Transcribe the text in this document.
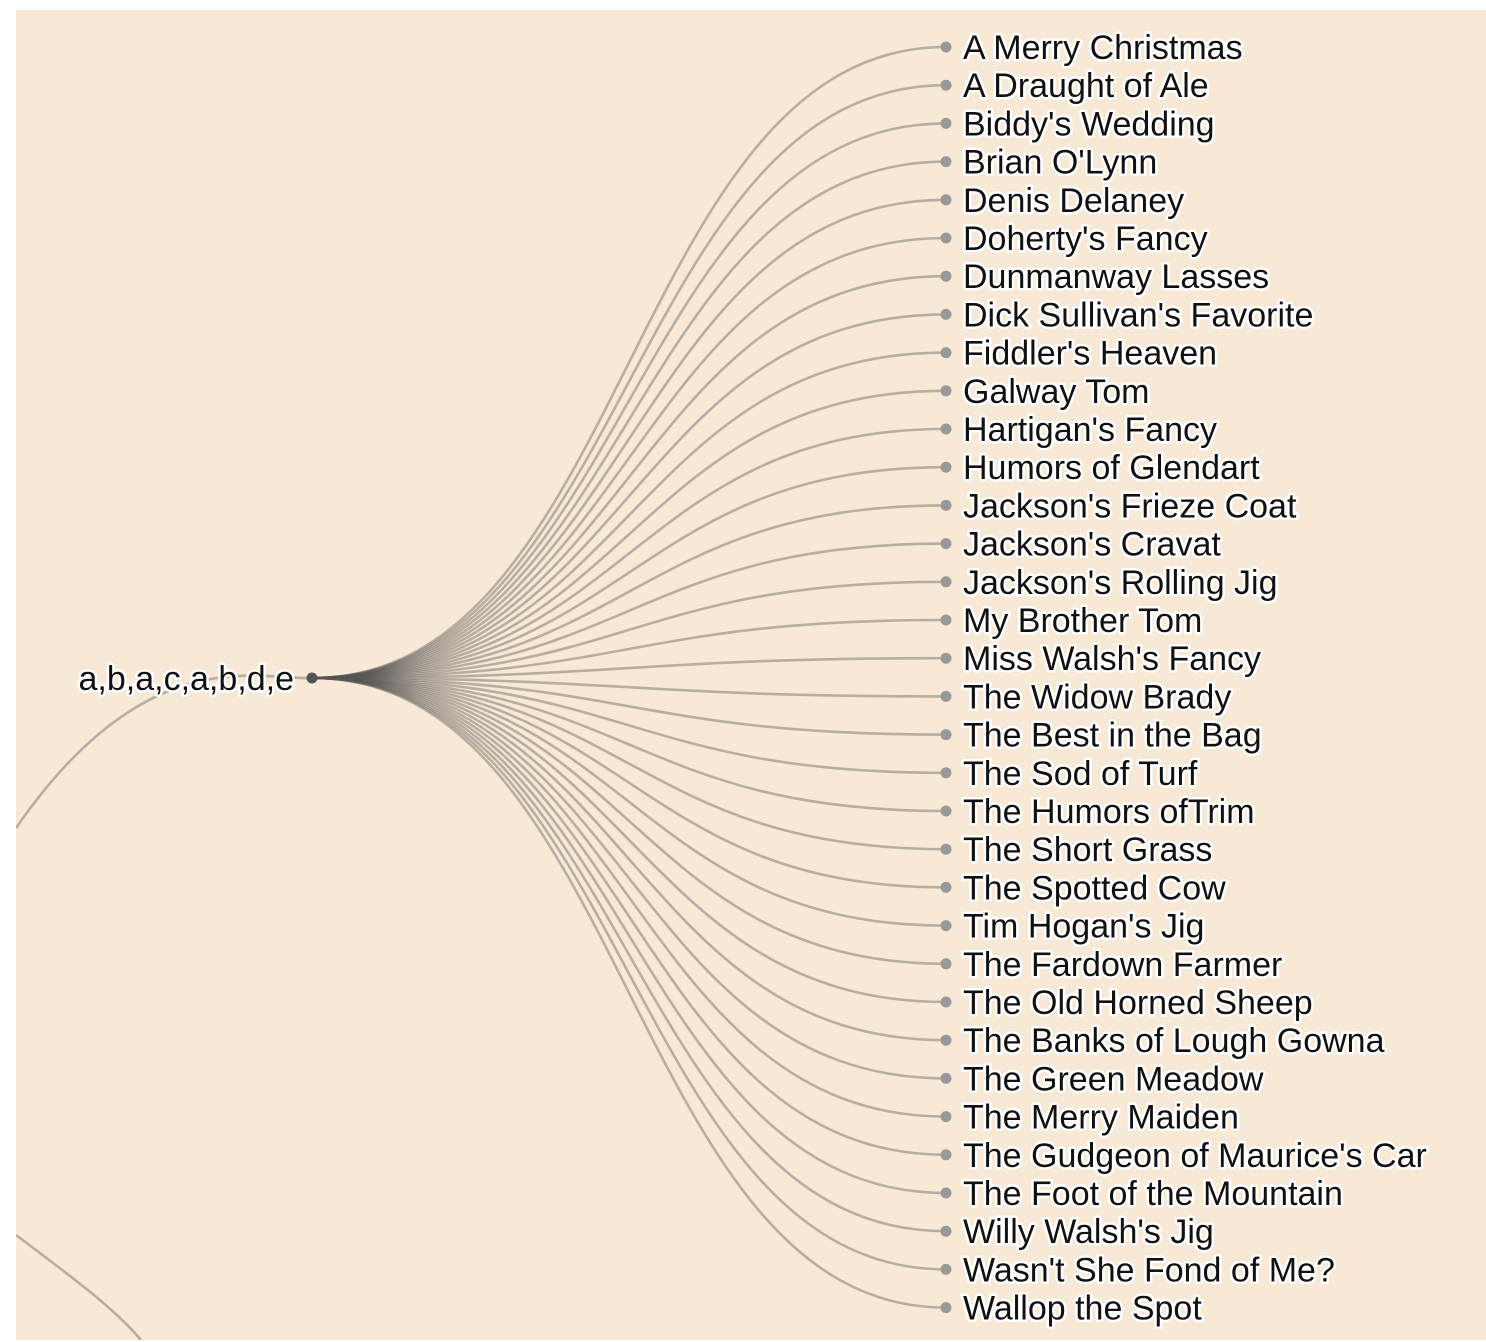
a,b,a,c,a,b,d,e
A Merry Christmas
A Draught of Ale
Biddy's Wedding
Brian O'Lynn
Denis Delaney
Doherty's Fancy
Dunmanway Lasses
Dick Sullivan's Favorite
Fiddler's Heaven
Galway Tom
Hartigan's Fancy
Humors of Glendart
Jackson's Frieze Coat
Jackson's Cravat
Jackson's Rolling Jig
My Brother Tom
Miss Walsh's Fancy
The Widow Brady
The Best in the Bag
The Sod of Turf
The Humors ofTrim
The Short Grass
The Spotted Cow
Tim Hogan's Jig
The Fardown Farmer
The Old Horned Sheep
The Banks of Lough Gowna
The Green Meadow
The Merry Maiden
The Gudgeon of Maurice's Car
The Foot of the Mountain
Willy Walsh's Jig
Wasn't She Fond of Me?
Wallop the Spot
